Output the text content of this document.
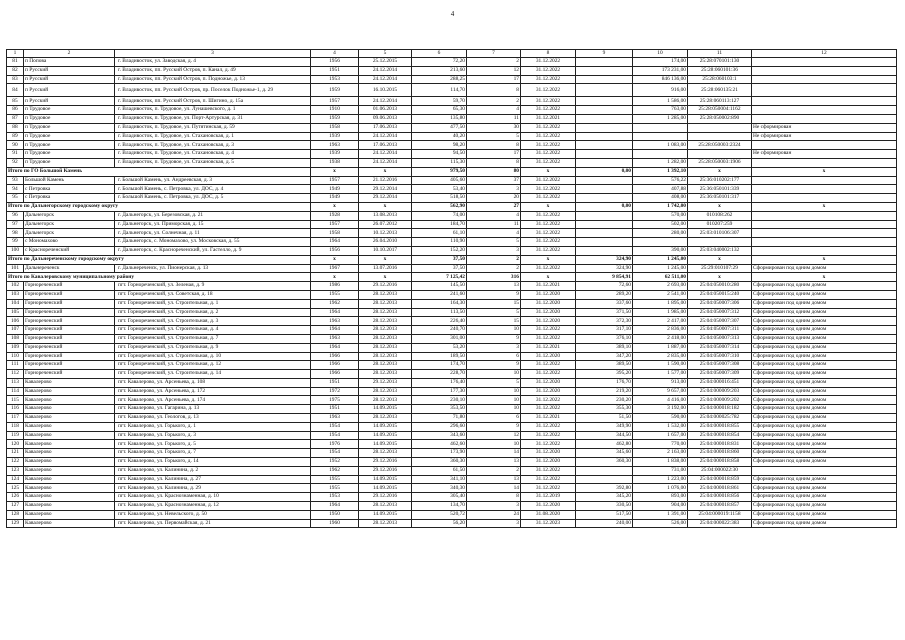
4
1	2	3	4	5	6	7	8	9	10	11	12
81	п Попова	г. Владивосток, ул. Заводская, д. 4	1956	25.12.2015	72,20	2	31.12.2022		174,00	25:28:070101:130	
82	п Русский	г. Владивосток, пп. Русский Остров, п. Канал, д. 49	1951	24.12.2014	213,60	12	31.12.2022		173 231,00	25:28:060101:36	
83	п Русский	г. Владивосток, пп. Русский Остров, п. Подножье, д. 13	1953	24.12.2014	288,25	17	31.12.2022		846 136,00	25:28:060103:1	
84	п Русский	г. Владивосток, пп. Русский Остров, пр. Поселок Подножье-1, д. 29	1959	16.10.2015	114,70	8	31.12.2022		916,00	25:28:060135:21	
85	п Русский	г. Владивосток, пп. Русский Остров, п. Шигино, д. 15а	1957	24.12.2014	59,70	2	31.12.2022		1 586,00	25:28:060113:127	
86	п Трудовое	г. Владивосток, п. Трудовое, ул. Лунашевского, д. 1	1910	01.06.2013	65,30	4	31.12.2022		763,00	25:28:050004:1162	
87	п Трудовое	г. Владивосток, п. Трудовое, ул. Порт-Артурская, д. 31	1959	09.06.2013	135,80	11	31.12.2021		1 285,00	25:28:050002:890	
88	п Трудовое	г. Владивосток, п. Трудовое, ул. Путятинская, д. 59	1958	17.06.2013	477,50	30	31.12.2022				Не сформирован
89	п Трудовое	г. Владивосток, п. Трудовое, ул. Стахановская, д. 1	1939	24.12.2014	40,20	5	31.12.2022				Не сформирован
90	п Трудовое	г. Владивосток, п. Трудовое, ул. Стахановская, д. 3	1963	17.06.2013	98,20	8	31.12.2022		1 083,00	25:28:050003:2324	
91	п Трудовое	г. Владивосток, п. Трудовое, ул. Стахановская, д. 4	1939	24.12.2014	94,50	17	31.12.2022				Не сформирован
92	п Трудовое	г. Владивосток, п. Трудовое, ул. Стахановская, д. 5	1938	24.12.2014	115,30	8	31.12.2022		1 282,00	25:28:050003:1906	
Итого по ГО Большой Камень			х	х	979,50	80	х	0,00	1 392,10	х	х
93	Большой Камень	г. Большой Камень, ул. Андреевская, д. 3	1957	21.12.2016	405,60	37	31.12.2022		576,22	25:36:010202:177	
94	с Петровка	г. Большой Камень, с. Петровка, ул. ДОС, д. 4	1949	29.12.2014	53,40	3	31.12.2022		407,88	25:36:050101:339	
95	с Петровка	г. Большой Камень, с. Петровка, ул. ДОС, д. 5	1949	29.12.2014	518,50	20	31.12.2022		408,00	25:36:050101:317	
Итого по Дальнегорскому городскому округу			х	х	562,90	27	х	0,00	1 742,00	х	х
96	Дальнегорск	г. Дальнегорск, ул. Березовская, д. 21	1928	13.08.2013	74,00	4	31.12.2022		570,00	010108:262	
97	Дальнегорск	г. Дальнегорск, ул. Приморская, д. 15	1957	26.07.2012	184,70	11	31.12.2022		502,00	010207:259	
98	Дальнегорск	г. Дальнегорск, ул. Солнечная, д. 11	1958	10.12.2013	61,10	4	31.12.2022		280,00	25:03:010106:307	
99	с Мономахово	г. Дальнегорск, с. Мономахово, ул. Московская, д. 55	1964	26.04.2010	110,90	5	31.12.2022				
100	с Краснореченский	г. Дальнегорск, с. Краснореченский, ул. Гастелло, д. 9	1956	10.10.2017	152,20	3	31.12.2022		390,00	25:03:040002:132	
Итого по Дальнереченскому городскому округу			х	х	37,50	2	х	324,90	1 245,00	х	х
101	Дальнереченск	г. Дальнереченск, ул. Пионерская, д. 13	1967	13.07.2016	37,50	2	31.12.2022	324,90	1 245,00	25:29:010107:29	Сформирован под одним домом
Итого по Кавалеровскому муниципальному району			х	х	7 125,42	316	х	9 854,91	62 511,00	х	х
102	Горнореченский	пгт. Горнореченский, ул. Зеленая, д. 9	1986	29.12.2016	145,50	13	31.12.2021	72,60	2 693,00	25:04:050010:280	Сформирован под одним домом
103	Горнореченский	пгт. Горнореченский, ул. Советская, д. 18	1955	28.12.2013	241,60	9	31.12.2020	289,20	2 541,00	25:04:050015:240	Сформирован под одним домом
104	Горнореченский	пгт. Горнореченский, ул. Строительная, д. 1	1962	28.12.2013	164,30	15	31.12.2020	337,60	1 895,00	25:04:050007:306	Сформирован под одним домом
105	Горнореченский	пгт. Горнореченский, ул. Строительная, д. 2	1964	28.12.2013	113,50	5	31.12.2020	371,50	1 985,00	25:04:050007:312	Сформирован под одним домом
106	Горнореченский	пгт. Горнореченский, ул. Строительная, д. 3	1963	28.12.2013	226,40	15	31.12.2020	372,30	2 417,00	25:04:050007:307	Сформирован под одним домом
107	Горнореченский	пгт. Горнореченский, ул. Строительная, д. 4	1964	28.12.2013	240,70	10	31.12.2022	317,10	2 836,00	25:04:050007:311	Сформирован под одним домом
108	Горнореченский	пгт. Горнореченский, ул. Строительная, д. 7	1963	28.12.2013	301,00	9	31.12.2022	376,10	2 418,00	25:04:050007:313	Сформирован под одним домом
109	Горнореченский	пгт. Горнореченский, ул. Строительная, д. 9	1964	28.12.2013	53,20	3	31.12.2021	389,10	1 887,00	25:04:050007:314	Сформирован под одним домом
110	Горнореченский	пгт. Горнореченский, ул. Строительная, д. 10	1966	28.12.2013	189,50	6	31.12.2020	347,20	2 835,00	25:04:050007:310	Сформирован под одним домом
111	Горнореченский	пгт. Горнореченский, ул. Строительная, д. 12	1966	28.12.2013	174,70	9	31.12.2022	389,50	1 590,00	25:04:050007:308	Сформирован под одним домом
112	Горнореченский	пгт. Горнореченский, ул. Строительная, д. 14	1966	28.12.2013	228,70	10	31.12.2022	395,20	1 577,00	25:04:050007:309	Сформирован под одним домом
113	Кавалерово	пгт. Кавалерово, ул. Арсеньева, д. 108	1951	29.12.2013	176,40	5	31.12.2020	176,70	913,00	25:04:000016:451	Сформирован под одним домом
114	Кавалерово	пгт. Кавалерово, ул. Арсеньева, д. 172	1972	28.12.2013	177,30	10	31.12.2020	219,20	9 657,00	25:04:000009:203	Сформирован под одним домом
115	Кавалерово	пгт. Кавалерово, ул. Арсеньева, д. 174	1975	28.12.2013	230,10	10	31.12.2022	230,20	4 416,00	25:04:000009:202	Сформирован под одним домом
116	Кавалерово	пгт. Кавалерово, ул. Гагарина, д. 13	1951	14.09.2015	353,50	10	31.12.2022	355,30	3 192,00	25:04:000018:182	Сформирован под одним домом
117	Кавалерово	пгт. Кавалерово, ул. Геологов, д. 13	1963	28.12.2013	71,80	6	31.12.2021	51,50	590,00	25:04:000025:782	Сформирован под одним домом
118	Кавалерово	пгт. Кавалерово, ул. Горького, д. 1	1954	14.09.2015	296,60	9	31.12.2022	349,90	1 532,00	25:04:000018:855	Сформирован под одним домом
119	Кавалерово	пгт. Кавалерово, ул. Горького, д. 3	1954	14.09.2015	343,60	12	31.12.2022	344,50	1 657,00	25:04:000018:854	Сформирован под одним домом
120	Кавалерово	пгт. Кавалерово, ул. Горького, д. 5	1976	14.09.2015	462,60	10	31.12.2022	462,80	770,00	25:04:000018:831	Сформирован под одним домом
121	Кавалерово	пгт. Кавалерово, ул. Горького, д. 7	1954	28.12.2013	173,90	14	31.12.2020	345,60	2 163,00	25:04:000018:860	Сформирован под одним домом
122	Кавалерово	пгт. Кавалерово, ул. Горького, д. 14	1952	29.12.2016	360,30	13	31.12.2020	360,30	1 838,00	25:04:000018:858	Сформирован под одним домом
123	Кавалерово	пгт. Кавалерово, ул. Калинина, д. 2	1962	29.12.2016	61,50	2	31.12.2022		731,00	25:04:000022:30	
124	Кавалерово	пгт. Кавалерово, ул. Калинина, д. 27	1955	14.09.2015	341,10	13	31.12.2022		1 223,00	25:04:000018:859	Сформирован под одним домом
125	Кавалерово	пгт. Кавалерово, ул. Калинина, д. 29	1955	14.09.2015	340,30	14	31.12.2022	392,80	1 076,00	25:04:000018:861	Сформирован под одним домом
126	Кавалерово	пгт. Кавалерово, ул. Краснознаменная, д. 10	1953	29.12.2016	305,40	8	31.12.2019	345,20	893,00	25:04:000018:856	Сформирован под одним домом
127	Кавалерово	пгт. Кавалерово, ул. Краснознаменная, д. 12	1964	28.12.2013	134,70	3	31.12.2020	330,50	904,00	25:04:000018:857	Сформирован под одним домом
128	Кавалерово	пгт. Кавалерово, ул. Невельского, д. 50	1950	14.09.2015	520,72	24	31.08.2020	517,50	1 391,00	25:04:000019:1158	Сформирован под одним домом
129	Кавалерово	пгт. Кавалерово, ул. Первомайская, д. 21	1960	28.12.2013	56,20	3	31.12.2023	240,00	526,00	25:04:000022:383	Сформирован под одним домом
